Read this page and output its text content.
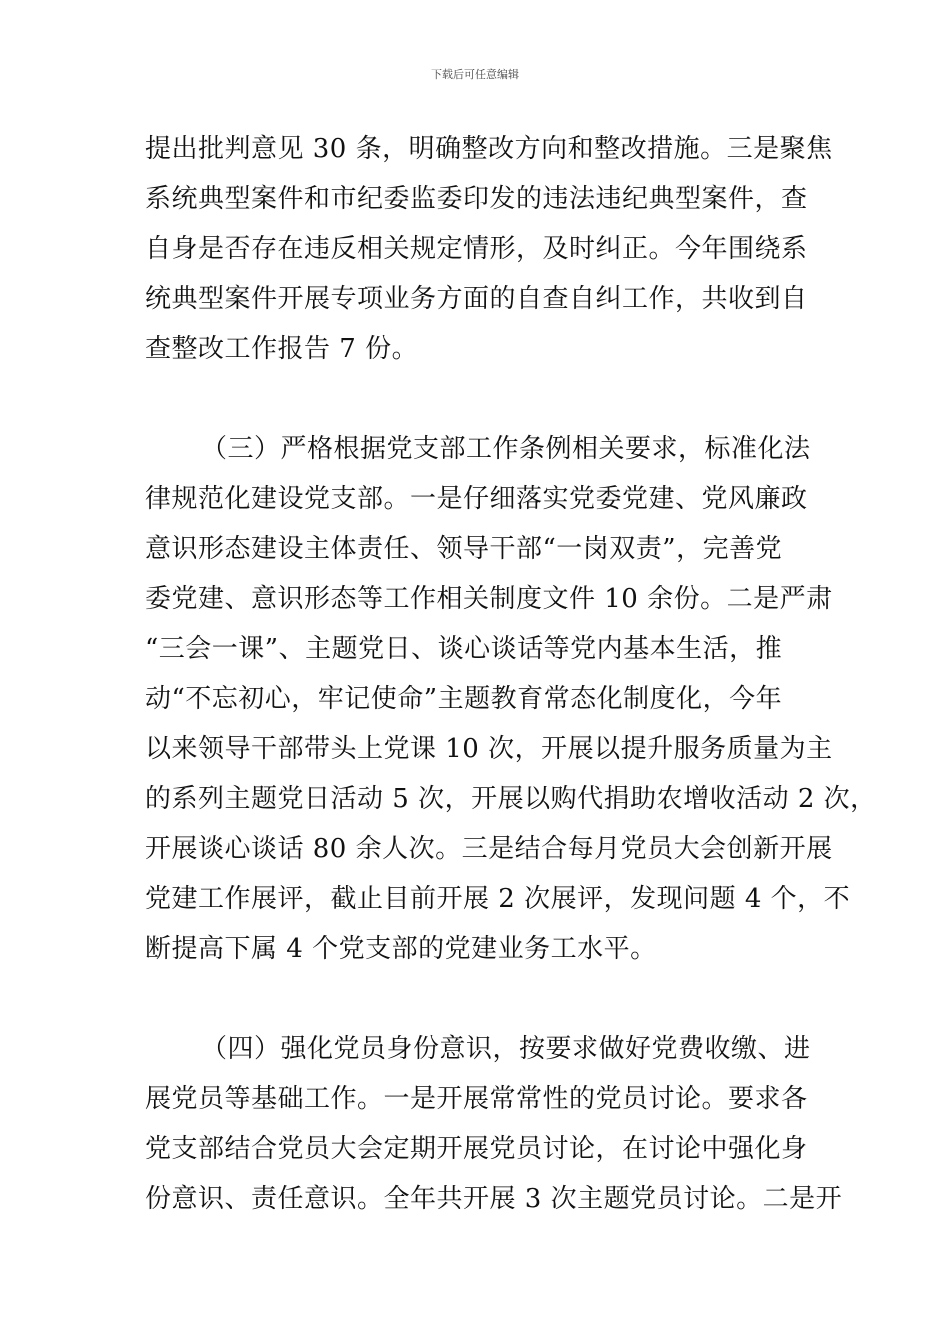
下载后可任意编辑
提出批判意见 30 条，明确整改方向和整改措施。三是聚焦
系统典型案件和市纪委监委印发的违法违纪典型案件，查
自身是否存在违反相关规定情形，及时纠正。今年围绕系
统典型案件开展专项业务方面的自查自纠工作，共收到自
查整改工作报告 7 份。
（三）严格根据党支部工作条例相关要求，标准化法
律规范化建设党支部。一是仔细落实党委党建、党风廉政
意识形态建设主体责任、领导干部“一岗双责”，完善党
委党建、意识形态等工作相关制度文件 10 余份。二是严肃
“三会一课”、主题党日、谈心谈话等党内基本生活，推
动“不忘初心，牢记使命”主题教育常态化制度化，今年
以来领导干部带头上党课 10 次，开展以提升服务质量为主
的系列主题党日活动 5 次，开展以购代捐助农增收活动 2 次，
开展谈心谈话 80 余人次。三是结合每月党员大会创新开展
党建工作展评，截止目前开展 2 次展评，发现问题 4 个，不
断提高下属 4 个党支部的党建业务工水平。
（四）强化党员身份意识，按要求做好党费收缴、进
展党员等基础工作。一是开展常常性的党员讨论。要求各
党支部结合党员大会定期开展党员讨论，在讨论中强化身
份意识、责任意识。全年共开展 3 次主题党员讨论。二是开
